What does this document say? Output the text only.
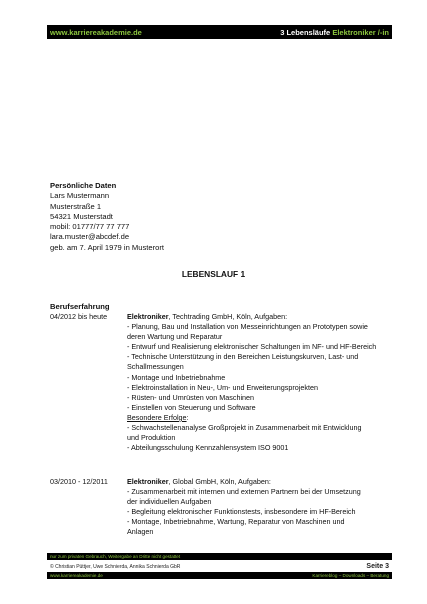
www.karriereakademie.de	3 Lebensläufe Elektroniker /-in
Persönliche Daten
Lars Mustermann
Musterstraße 1
54321 Musterstadt
mobil: 01777/77 77 777
lara.muster@abcdef.de
geb. am 7. April 1979 in Musterort
LEBENSLAUF 1
Berufserfahrung
04/2012 bis heute	Elektroniker, Techtrading GmbH, Köln, Aufgaben:
- Planung, Bau und Installation von Messeinrichtungen an Prototypen sowie
deren Wartung und Reparatur
- Entwurf und Realisierung elektronischer Schaltungen im NF- und HF-Bereich
- Technische Unterstützung in den Bereichen Leistungskurven, Last- und
Schallmessungen
- Montage und Inbetriebnahme
- Elektroinstallation in Neu-, Um- und Erweiterungsprojekten
- Rüsten- und Umrüsten von Maschinen
- Einstellen von Steuerung und Software
Besondere Erfolge:
- Schwachstellenanalyse Großprojekt in Zusammenarbeit mit Entwicklung
und Produktion
- Abteilungsschulung Kennzahlensystem ISO 9001
03/2010 - 12/2011	Elektroniker, Global GmbH, Köln, Aufgaben:
- Zusammenarbeit mit internen und externen Partnern bei der Umsetzung
der individuellen Aufgaben
- Begleitung elektronischer Funktionstests, insbesondere im HF-Bereich
- Montage, Inbetriebnahme, Wartung, Reparatur von Maschinen und
Anlagen
nur zum privaten Gebrauch, Weitergabe an Dritte nicht gestattet
© Christian Püttjer, Uwe Schnierda, Annika Schnierda GbR	Seite 3
www.karriereakademie.de	Karriereblog – Downloads – Beratung
